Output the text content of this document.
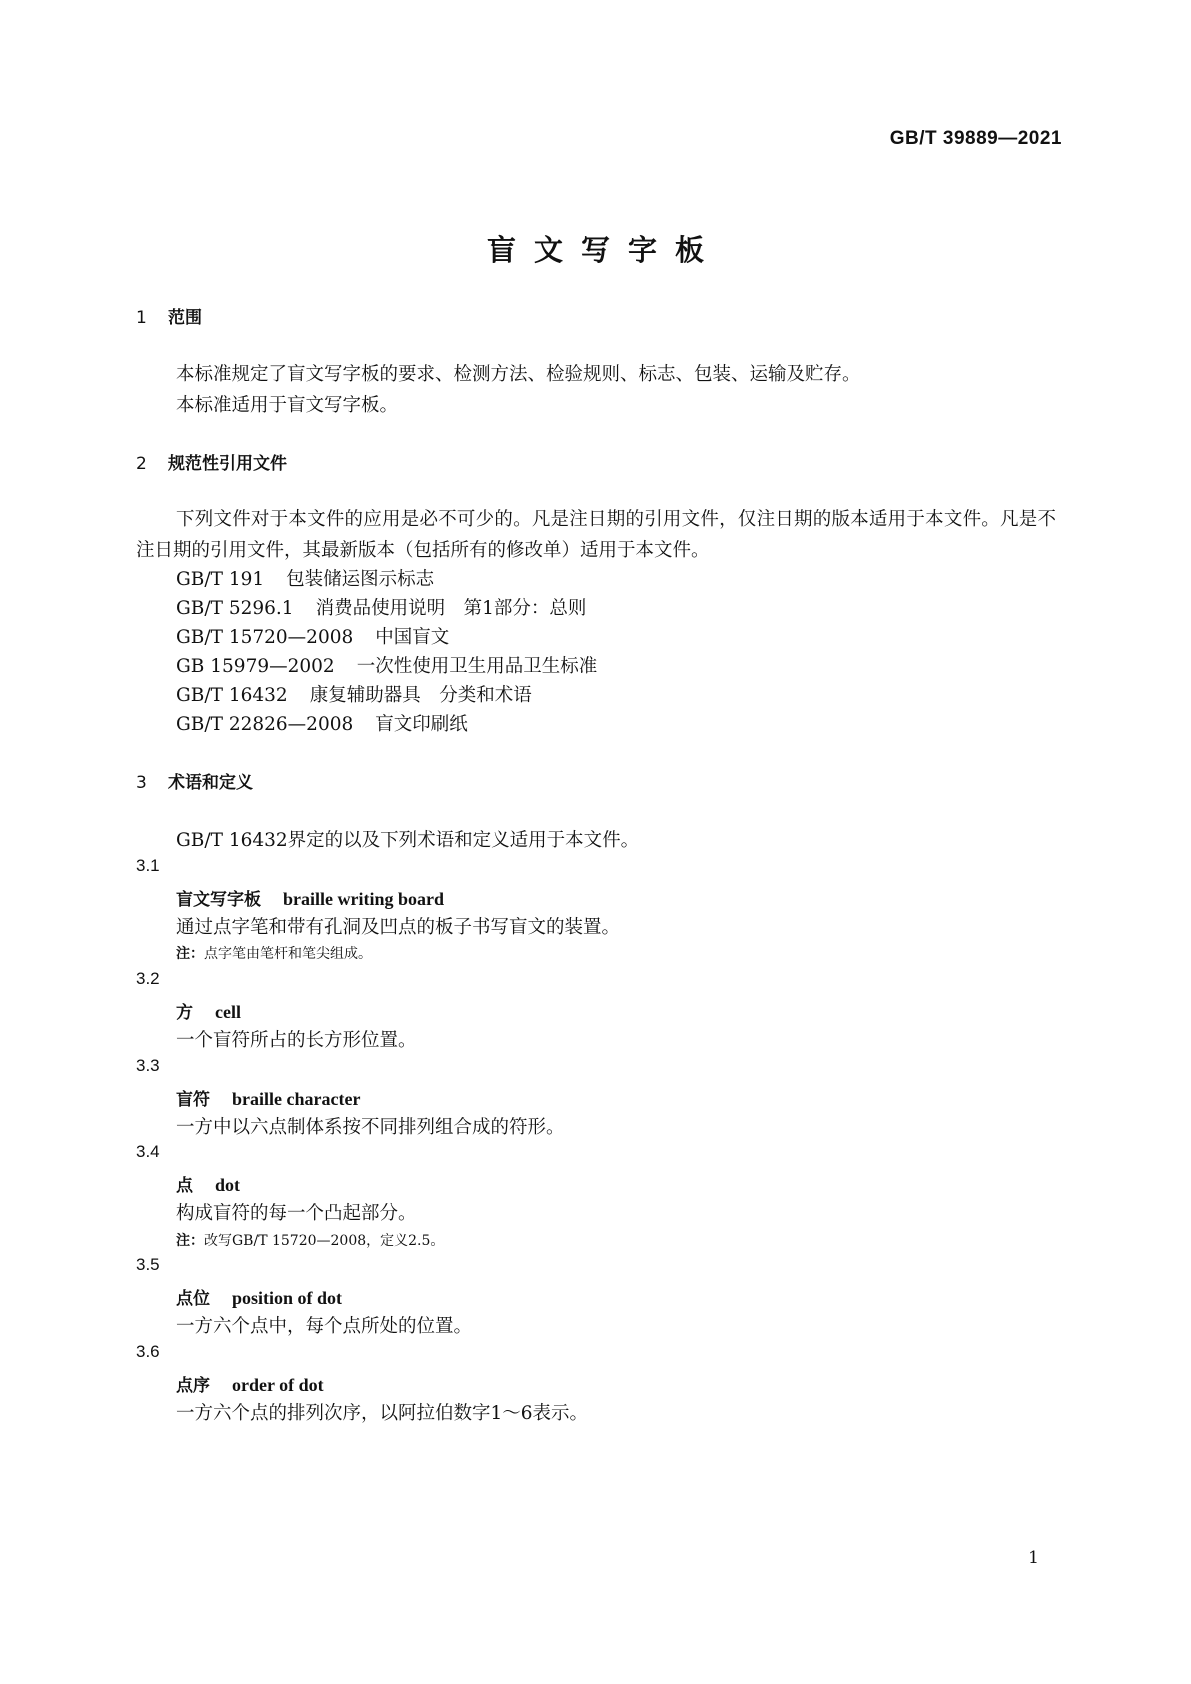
GB/T 39889—2021
盲文写字板
1 范围
本标准规定了盲文写字板的要求、检测方法、检验规则、标志、包装、运输及贮存。
本标准适用于盲文写字板。
2 规范性引用文件
下列文件对于本文件的应用是必不可少的。凡是注日期的引用文件，仅注日期的版本适用于本文件。凡是不注日期的引用文件，其最新版本（包括所有的修改单）适用于本文件。
GB/T 191 包装储运图示标志
GB/T 5296.1 消费品使用说明　第1部分：总则
GB/T 15720—2008 中国盲文
GB 15979—2002 一次性使用卫生用品卫生标准
GB/T 16432 康复辅助器具　分类和术语
GB/T 22826—2008 盲文印刷纸
3 术语和定义
GB/T 16432界定的以及下列术语和定义适用于本文件。
3.1
盲文写字板 braille writing board
通过点字笔和带有孔洞及凹点的板子书写盲文的装置。
注：点字笔由笔杆和笔尖组成。
3.2
方 cell
一个盲符所占的长方形位置。
3.3
盲符 braille character
一方中以六点制体系按不同排列组合成的符形。
3.4
点 dot
构成盲符的每一个凸起部分。
注：改写GB/T 15720—2008，定义2.5。
3.5
点位 position of dot
一方六个点中，每个点所处的位置。
3.6
点序 order of dot
一方六个点的排列次序，以阿拉伯数字1～6表示。
1
